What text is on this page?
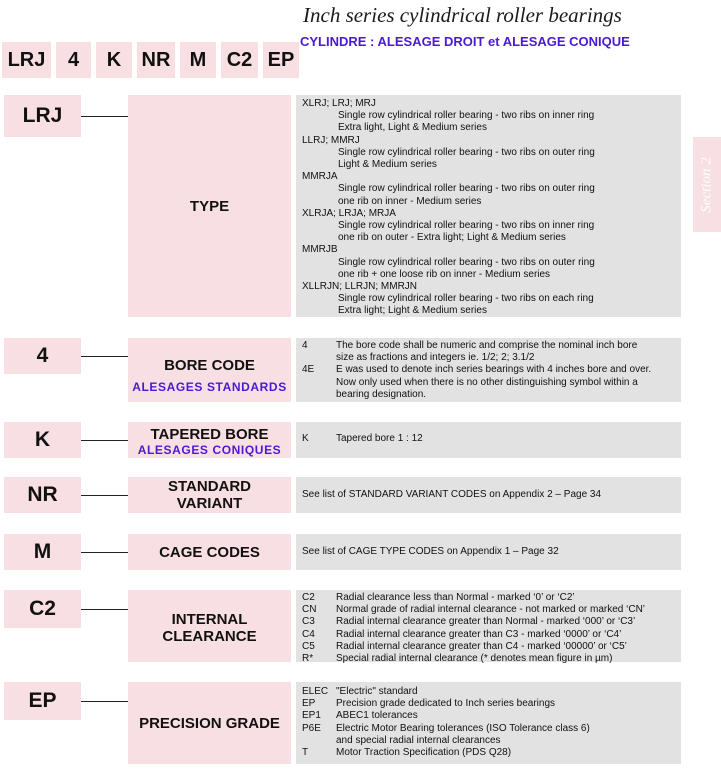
Inch series cylindrical roller bearings
CYLINDRE : ALESAGE DROIT et ALESAGE CONIQUE
LRJ	4	K	NR M	C2 EP
Section 2
LRJ
TYPE
XLRJ; LRJ; MRJ
Single row cylindrical roller bearing - two ribs on inner ring
Extra light, Light & Medium series
LLRJ; MMRJ
Single row cylindrical roller bearing - two ribs on outer ring
Light & Medium series
MMRJA
Single row cylindrical roller bearing - two ribs on outer ring
one rib on inner - Medium series
XLRJA; LRJA; MRJA
Single row cylindrical roller bearing - two ribs on inner ring
one rib on outer - Extra light; Light & Medium series
MMRJB
Single row cylindrical roller bearing - two ribs on outer ring
one rib + one loose rib on inner - Medium series
XLLRJN; LLRJN; MMRJN
Single row cylindrical roller bearing - two ribs on each ring
Extra light; Light & Medium series
4	BORE CODE
ALESAGES STANDARDS
4	The bore code shall be numeric and comprise the nominal inch bore
size as fractions and integers ie. 1/2; 2; 3.1/2
4E	E was used to denote inch series bearings with 4 inches bore and over.
Now only used when there is no other distinguishing symbol within a
bearing designation.
K	TAPERED BORE
ALESAGES CONIQUES
K	Tapered bore 1 : 12
NR	STANDARD
VARIANT
See list of STANDARD VARIANT CODES on Appendix 2 – Page 34
M	CAGE CODES	See list of CAGE TYPE CODES on Appendix 1 – Page 32
C2	INTERNAL
CLEARANCE
C2	Radial clearance less than Normal - marked ‘0’ or ‘C2’
CN	Normal grade of radial internal clearance - not marked or marked ‘CN’
C3	Radial internal clearance greater than Normal - marked ‘000’ or ‘C3’
C4	Radial internal clearance greater than C3 - marked ‘0000’ or ‘C4’
C5	Radial internal clearance greater than C4 - marked ‘00000’ or ‘C5’
R*	Special radial internal clearance (* denotes mean figure in µm)
EP
PRECISION GRADE
ELEC "Electric" standard
EP	Precision grade dedicated to Inch series bearings
EP1	ABEC1 tolerances
P6E	Electric Motor Bearing tolerances (ISO Tolerance class 6)
and special radial internal clearances
T	Motor Traction Specification (PDS Q28)
